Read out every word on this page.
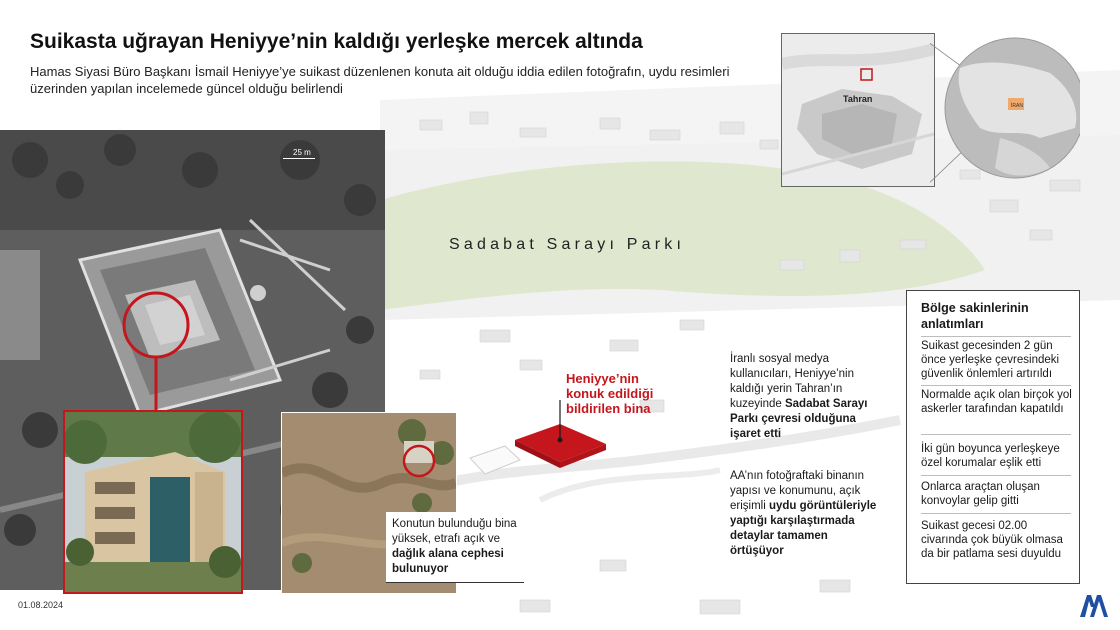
Suikasta uğrayan Heniyye’nin kaldığı yerleşke mercek altında
Hamas Siyasi Büro Başkanı İsmail Heniyye’ye suikast düzenlenen konuta ait olduğu iddia edilen fotoğrafın, uydu resimleri üzerinden yapılan incelemede güncel olduğu belirlendi
25 m
Konutun bulunduğu bina yüksek, etrafı açık ve dağlık alana cephesi bulunuyor
Sadabat Sarayı Parkı
Heniyye’nin konuk edildiği bildirilen bina
İranlı sosyal medya kullanıcıları, Heniyye’nin kaldığı yerin Tahran’ın kuzeyinde Sadabat Sarayı Parkı çevresi olduğuna işaret etti
AA’nın fotoğraftaki binanın yapısı ve konumunu, açık erişimli uydu görüntüleriyle yaptığı karşılaştırmada detaylar tamamen örtüşüyor
Bölge sakinlerinin anlatımları
Suikast gecesinden 2 gün önce yerleşke çevresindeki güvenlik önlemleri artırıldı
Normalde açık olan birçok yol askerler tarafından kapatıldı
İki gün boyunca yerleşkeye özel korumalar eşlik etti
Onlarca araçtan oluşan konvoylar gelip gitti
Suikast gecesi 02.00 civarında çok büyük olmasa da bir patlama sesi duyuldu
Tahran
İRAN
01.08.2024
